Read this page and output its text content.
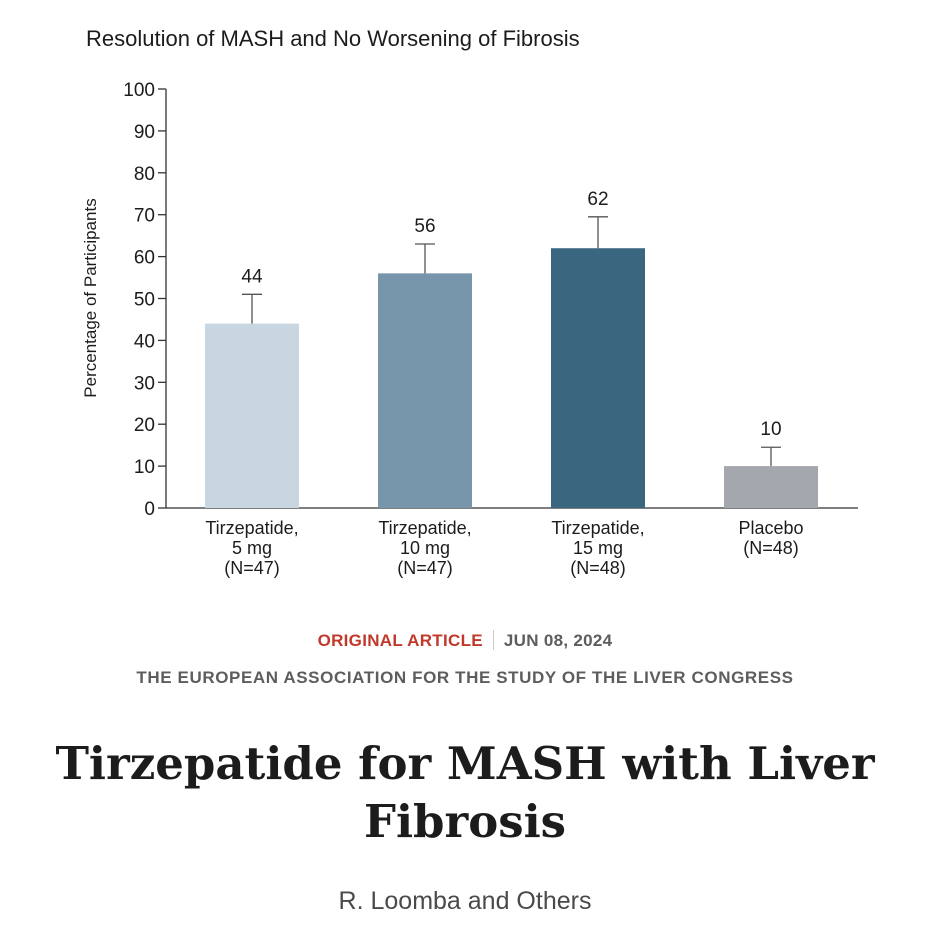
Resolution of MASH and No Worsening of Fibrosis
0
10
20
30
40
50
60
70
80
90
100
Percentage of Participants	44
Tirzepatide,
5 mg
(N=47)
56
Tirzepatide,
10 mg
(N=47)
62
Tirzepatide,
15 mg
(N=48)
10
Placebo
(N=48)
ORIGINAL ARTICLE JUN 08, 2024
THE EUROPEAN ASSOCIATION FOR THE STUDY OF THE LIVER CONGRESS
Tirzepatide for MASH with Liver Fibrosis
R. Loomba and Others
